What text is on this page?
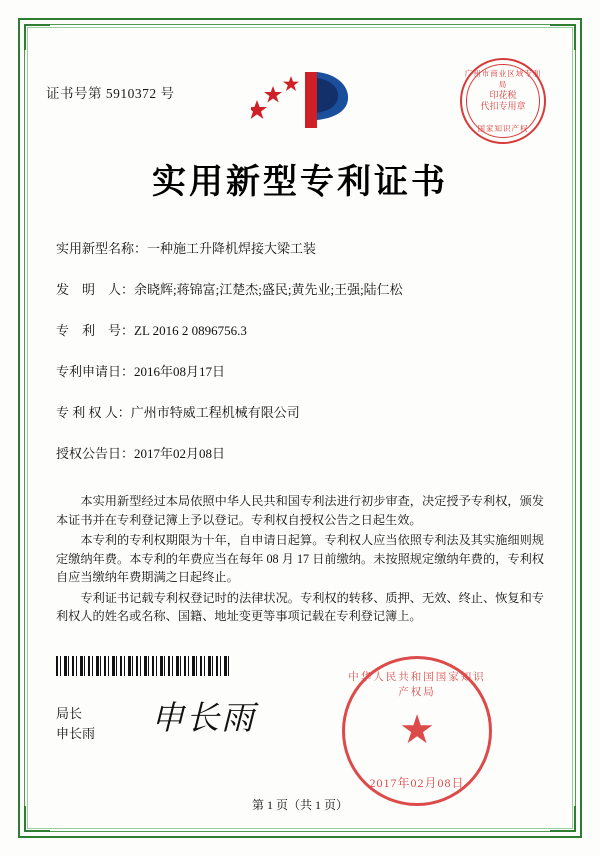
证书号第 5910372 号
广州市商业区域专利局
印花税
代扣专用章
国家知识产权
实用新型专利证书
实用新型名称：一种施工升降机焊接大梁工装
发　明　人：余晓辉;蒋锦富;江楚杰;盛民;黄先业;王强;陆仁松
专　利　号：ZL 2016 2 0896756.3
专利申请日：2016年08月17日
专 利 权 人：广州市特威工程机械有限公司
授权公告日：2017年02月08日

本实用新型经过本局依照中华人民共和国专利法进行初步审查，决定授予专利权，颁发本证书并在专利登记簿上予以登记。专利权自授权公告之日起生效。

本专利的专利权期限为十年，自申请日起算。专利权人应当依照专利法及其实施细则规定缴纳年费。本专利的年费应当在每年 08 月 17 日前缴纳。未按照规定缴纳年费的，专利权自应当缴纳年费期满之日起终止。

专利证书记载专利权登记时的法律状况。专利权的转移、质押、无效、终止、恢复和专利权人的姓名或名称、国籍、地址变更等事项记载在专利登记簿上。

局长
申长雨 申长雨
中华人民共和国国家知识产权局
★
2017年02月08日
第 1 页（共 1 页）
